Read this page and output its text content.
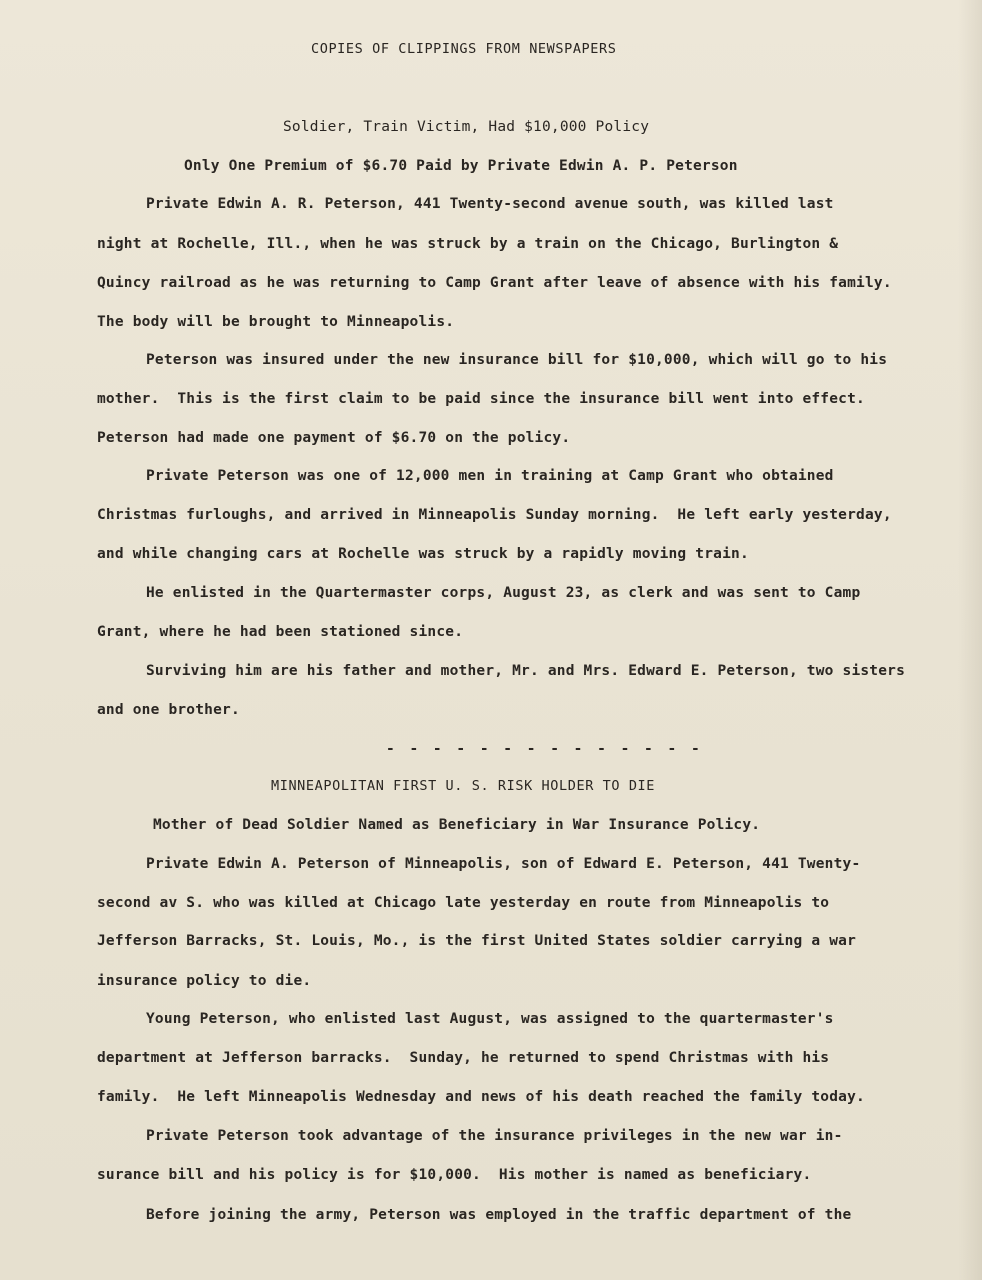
COPIES OF CLIPPINGS FROM NEWSPAPERS
Soldier, Train Victim, Had $10,000 Policy
Only One Premium of $6.70 Paid by Private Edwin A. P. Peterson
Private Edwin A. R. Peterson, 441 Twenty-second avenue south, was killed last
night at Rochelle, Ill., when he was struck by a train on the Chicago, Burlington &
Quincy railroad as he was returning to Camp Grant after leave of absence with his family.
The body will be brought to Minneapolis.
Peterson was insured under the new insurance bill for $10,000, which will go to his
mother.  This is the first claim to be paid since the insurance bill went into effect.
Peterson had made one payment of $6.70 on the policy.
Private Peterson was one of 12,000 men in training at Camp Grant who obtained
Christmas furloughs, and arrived in Minneapolis Sunday morning.  He left early yesterday,
and while changing cars at Rochelle was struck by a rapidly moving train.
He enlisted in the Quartermaster corps, August 23, as clerk and was sent to Camp
Grant, where he had been stationed since.
Surviving him are his father and mother, Mr. and Mrs. Edward E. Peterson, two sisters
and one brother.
- - - - - - - - - - - - - -
MINNEAPOLITAN FIRST U. S. RISK HOLDER TO DIE
Mother of Dead Soldier Named as Beneficiary in War Insurance Policy.
Private Edwin A. Peterson of Minneapolis, son of Edward E. Peterson, 441 Twenty-
second av S. who was killed at Chicago late yesterday en route from Minneapolis to
Jefferson Barracks, St. Louis, Mo., is the first United States soldier carrying a war
insurance policy to die.
Young Peterson, who enlisted last August, was assigned to the quartermaster's
department at Jefferson barracks.  Sunday, he returned to spend Christmas with his
family.  He left Minneapolis Wednesday and news of his death reached the family today.
Private Peterson took advantage of the insurance privileges in the new war in-
surance bill and his policy is for $10,000.  His mother is named as beneficiary.
Before joining the army, Peterson was employed in the traffic department of the
